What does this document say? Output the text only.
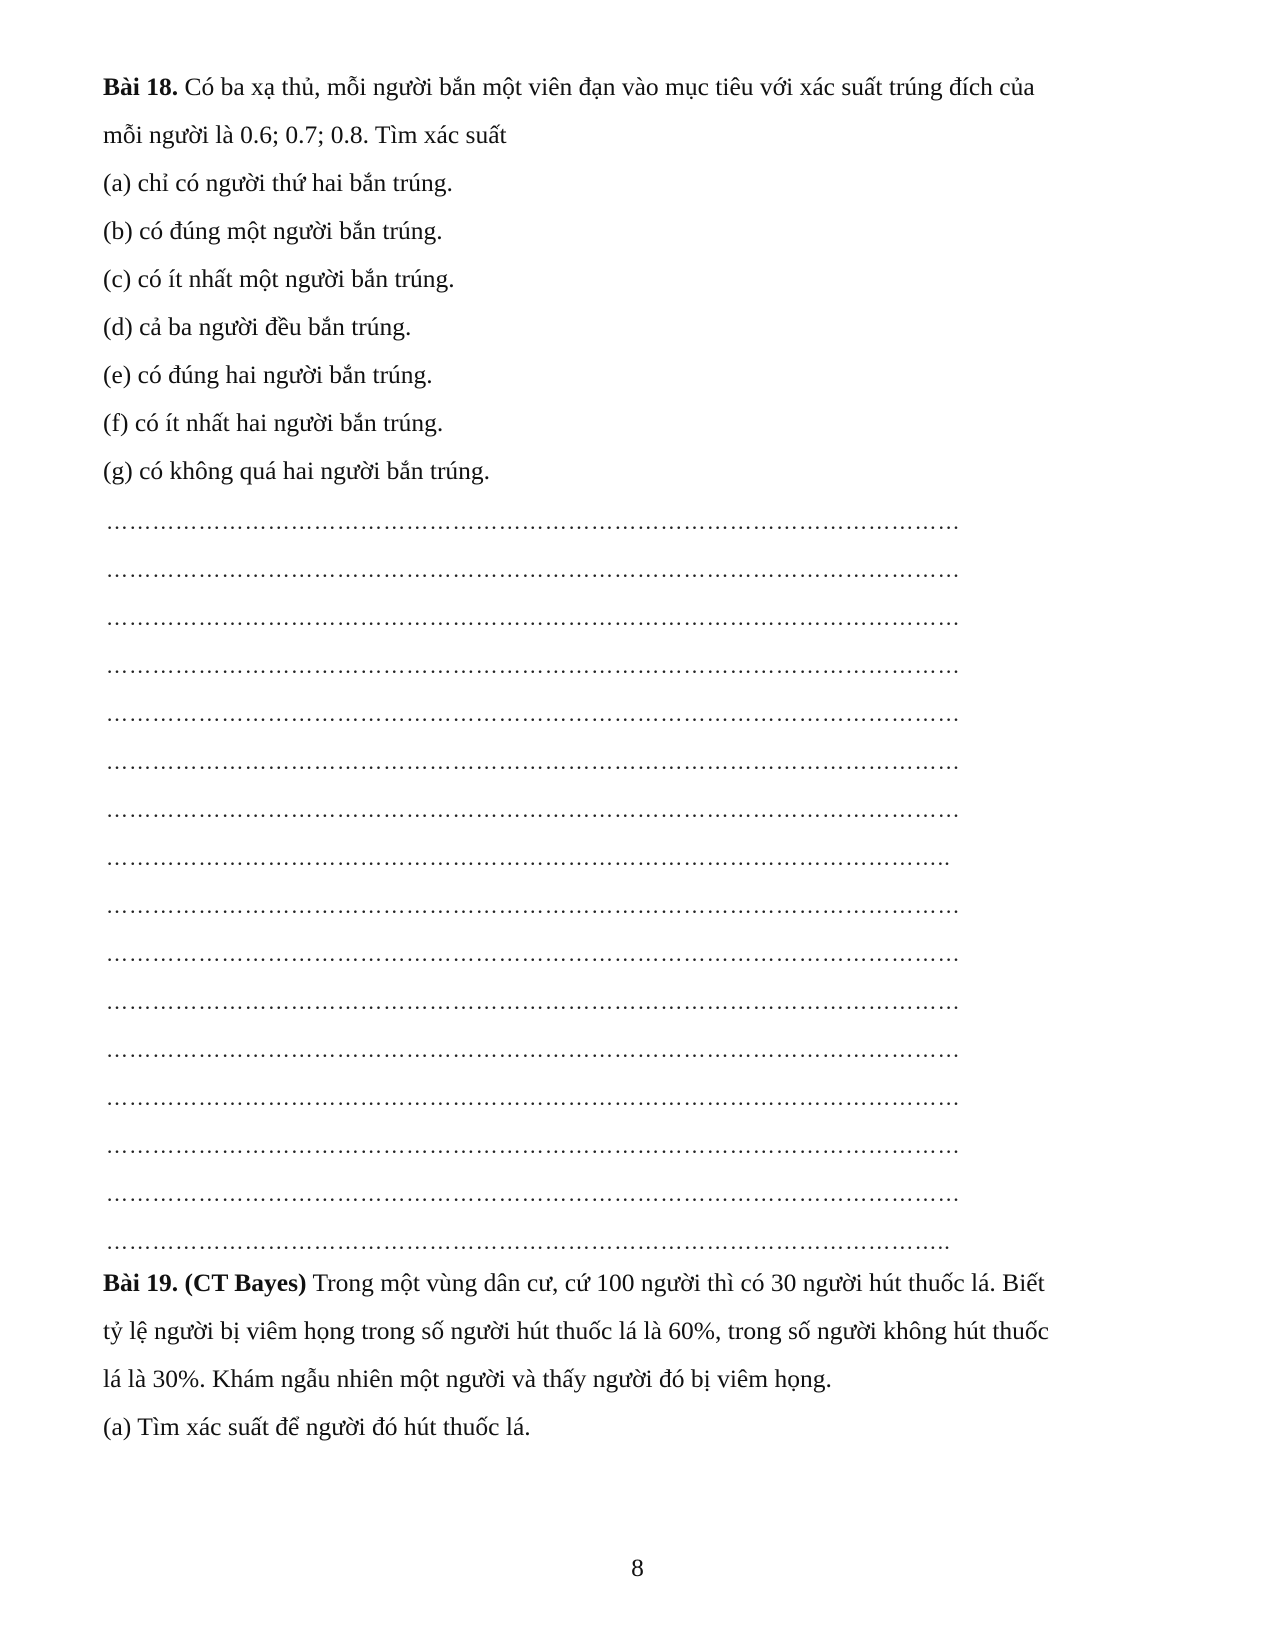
Bài 18. Có ba xạ thủ, mỗi người bắn một viên đạn vào mục tiêu với xác suất trúng đích của
mỗi người là 0.6; 0.7; 0.8. Tìm xác suất
(a) chỉ có người thứ hai bắn trúng.
(b) có đúng một người bắn trúng.
(c) có ít nhất một người bắn trúng.
(d) cả ba người đều bắn trúng.
(e) có đúng hai người bắn trúng.
(f) có ít nhất hai người bắn trúng.
(g) có không quá hai người bắn trúng.
…………………………………………………………………………………………………
…………………………………………………………………………………………………
…………………………………………………………………………………………………
…………………………………………………………………………………………………
…………………………………………………………………………………………………
…………………………………………………………………………………………………
…………………………………………………………………………………………………
………………………………………………………………………………………………..
…………………………………………………………………………………………………
…………………………………………………………………………………………………
…………………………………………………………………………………………………
…………………………………………………………………………………………………
…………………………………………………………………………………………………
…………………………………………………………………………………………………
…………………………………………………………………………………………………
………………………………………………………………………………………………..
Bài 19. (CT Bayes) Trong một vùng dân cư, cứ 100 người thì có 30 người hút thuốc lá. Biết
tỷ lệ người bị viêm họng trong số người hút thuốc lá là 60%, trong số người không hút thuốc
lá là 30%. Khám ngẫu nhiên một người và thấy người đó bị viêm họng.
(a) Tìm xác suất để người đó hút thuốc lá.
8
